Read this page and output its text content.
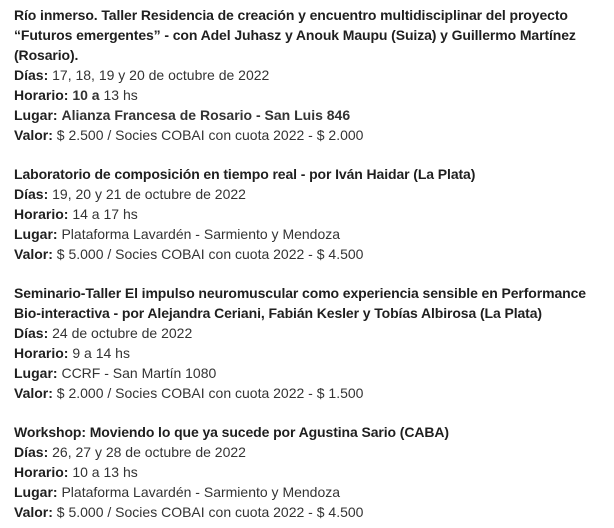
Río inmerso. Taller Residencia de creación y encuentro multidisciplinar del proyecto
“Futuros emergentes” - con Adel Juhasz y Anouk Maupu (Suiza) y Guillermo Martínez
(Rosario).

Días: 17, 18, 19 y 20 de octubre de 2022

Horario: 10 a 13 hs

Lugar: Alianza Francesa de Rosario - San Luis 846

Valor: $ 2.500 / Socies COBAI con cuota 2022 - $ 2.000

Laboratorio de composición en tiempo real - por Iván Haidar (La Plata)

Días: 19, 20 y 21 de octubre de 2022

Horario: 14 a 17 hs

Lugar: Plataforma Lavardén - Sarmiento y Mendoza

Valor: $ 5.000 / Socies COBAI con cuota 2022 - $ 4.500

Seminario-Taller El impulso neuromuscular como experiencia sensible en Performance
Bio-interactiva - por Alejandra Ceriani, Fabián Kesler y Tobías Albirosa (La Plata)

Días: 24 de octubre de 2022

Horario: 9 a 14 hs

Lugar: CCRF - San Martín 1080

Valor: $ 2.000 / Socies COBAI con cuota 2022 - $ 1.500

Workshop: Moviendo lo que ya sucede por Agustina Sario (CABA)

Días: 26, 27 y 28 de octubre de 2022

Horario: 10 a 13 hs

Lugar: Plataforma Lavardén - Sarmiento y Mendoza

Valor: $ 5.000 / Socies COBAI con cuota 2022 - $ 4.500
